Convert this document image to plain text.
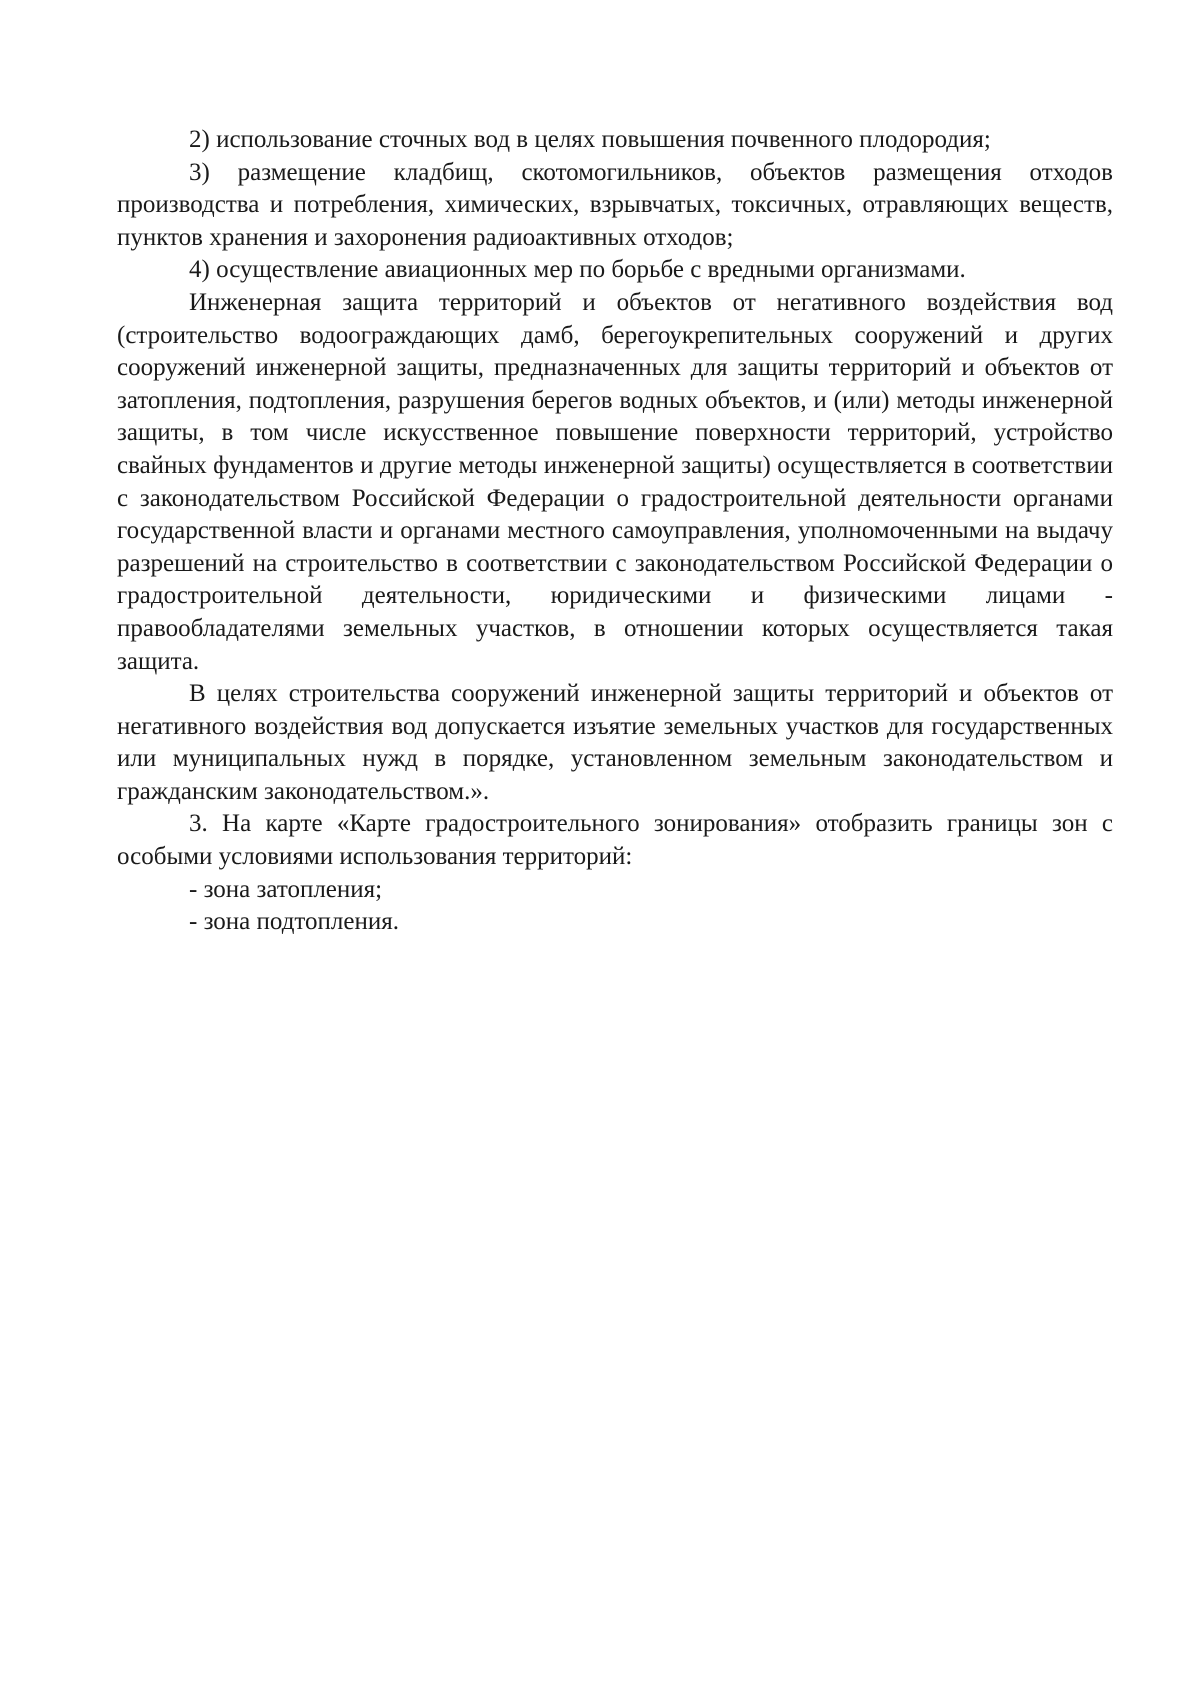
2) использование сточных вод в целях повышения почвенного плодородия;

3) размещение кладбищ, скотомогильников, объектов размещения отходов производства и потребления, химических, взрывчатых, токсичных, отравляющих веществ, пунктов хранения и захоронения радиоактивных отходов;

4) осуществление авиационных мер по борьбе с вредными организмами.

Инженерная защита территорий и объектов от негативного воздействия вод (строительство водоограждающих дамб, берегоукрепительных сооружений и других сооружений инженерной защиты, предназначенных для защиты территорий и объектов от затопления, подтопления, разрушения берегов водных объектов, и (или) методы инженерной защиты, в том числе искусственное повышение поверхности территорий, устройство свайных фундаментов и другие методы инженерной защиты) осуществляется в соответствии с законодательством Российской Федерации о градостроительной деятельности органами государственной власти и органами местного самоуправления, уполномоченными на выдачу разрешений на строительство в соответствии с законодательством Российской Федерации о градостроительной деятельности, юридическими и физическими лицами - правообладателями земельных участков, в отношении которых осуществляется такая защита.

В целях строительства сооружений инженерной защиты территорий и объектов от негативного воздействия вод допускается изъятие земельных участков для государственных или муниципальных нужд в порядке, установленном земельным законодательством и гражданским законодательством.».

3. На карте «Карте градостроительного зонирования» отобразить границы зон с особыми условиями использования территорий:

- зона затопления;

- зона подтопления.
